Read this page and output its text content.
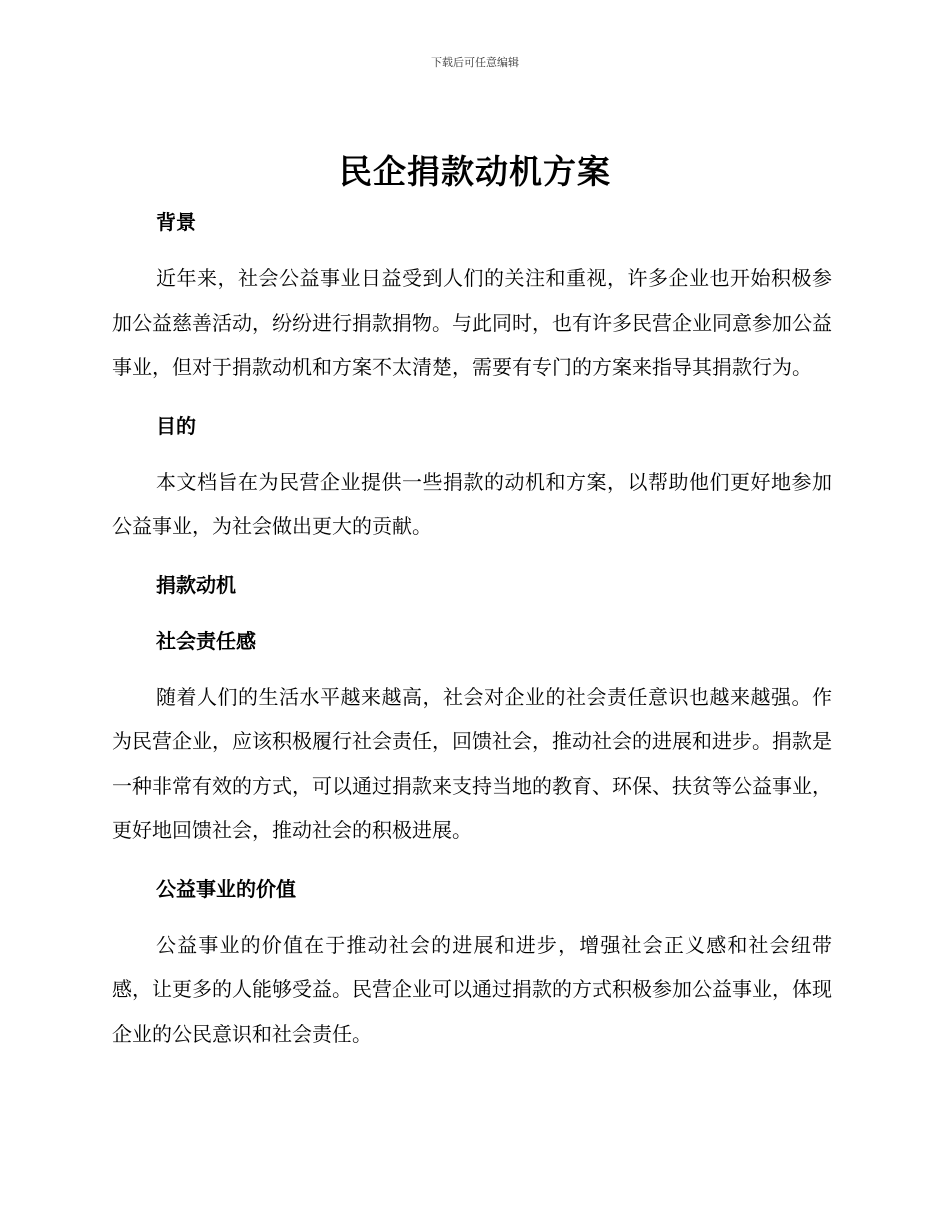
下载后可任意编辑
民企捐款动机方案
背景

近年来，社会公益事业日益受到人们的关注和重视，许多企业也开始积极参加公益慈善活动，纷纷进行捐款捐物。与此同时，也有许多民营企业同意参加公益事业，但对于捐款动机和方案不太清楚，需要有专门的方案来指导其捐款行为。

目的

本文档旨在为民营企业提供一些捐款的动机和方案，以帮助他们更好地参加公益事业，为社会做出更大的贡献。

捐款动机
社会责任感

随着人们的生活水平越来越高，社会对企业的社会责任意识也越来越强。作为民营企业，应该积极履行社会责任，回馈社会，推动社会的进展和进步。捐款是一种非常有效的方式，可以通过捐款来支持当地的教育、环保、扶贫等公益事业，更好地回馈社会，推动社会的积极进展。

公益事业的价值

公益事业的价值在于推动社会的进展和进步，增强社会正义感和社会纽带感，让更多的人能够受益。民营企业可以通过捐款的方式积极参加公益事业，体现企业的公民意识和社会责任。
